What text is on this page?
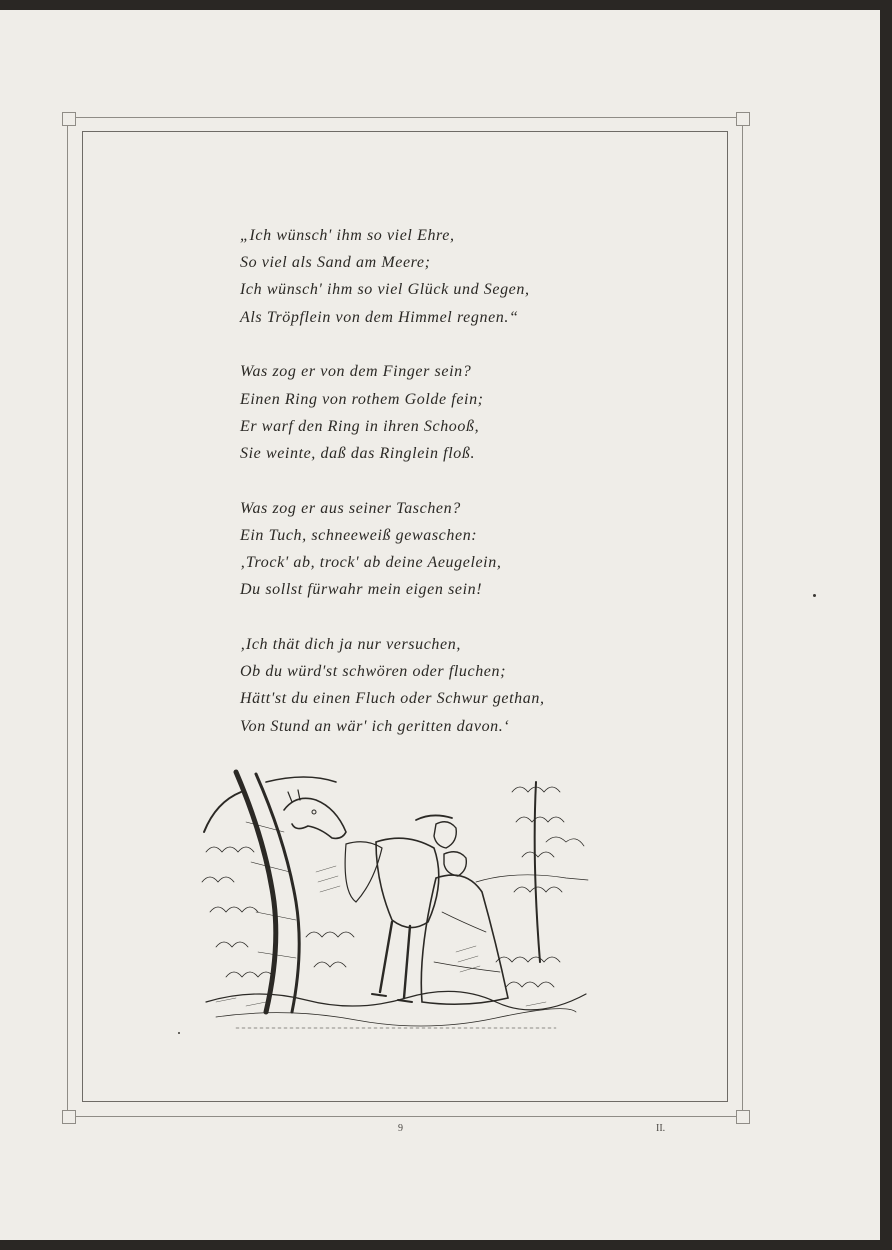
„Ich wünsch' ihm so viel Ehre,
So viel als Sand am Meere;
Ich wünsch' ihm so viel Glück und Segen,
Als Tröpflein von dem Himmel regnen.“
Was zog er von dem Finger sein?
Einen Ring von rothem Golde fein;
Er warf den Ring in ihren Schooß,
Sie weinte, daß das Ringlein floß.
Was zog er aus seiner Taschen?
Ein Tuch, schneeweiß gewaschen:
‚Trock' ab, trock' ab deine Aeugelein,
Du sollst fürwahr mein eigen sein!
‚Ich thät dich ja nur versuchen,
Ob du würd'st schwören oder fluchen;
Hätt'st du einen Fluch oder Schwur gethan,
Von Stund an wär' ich geritten davon.‘
9	II.
